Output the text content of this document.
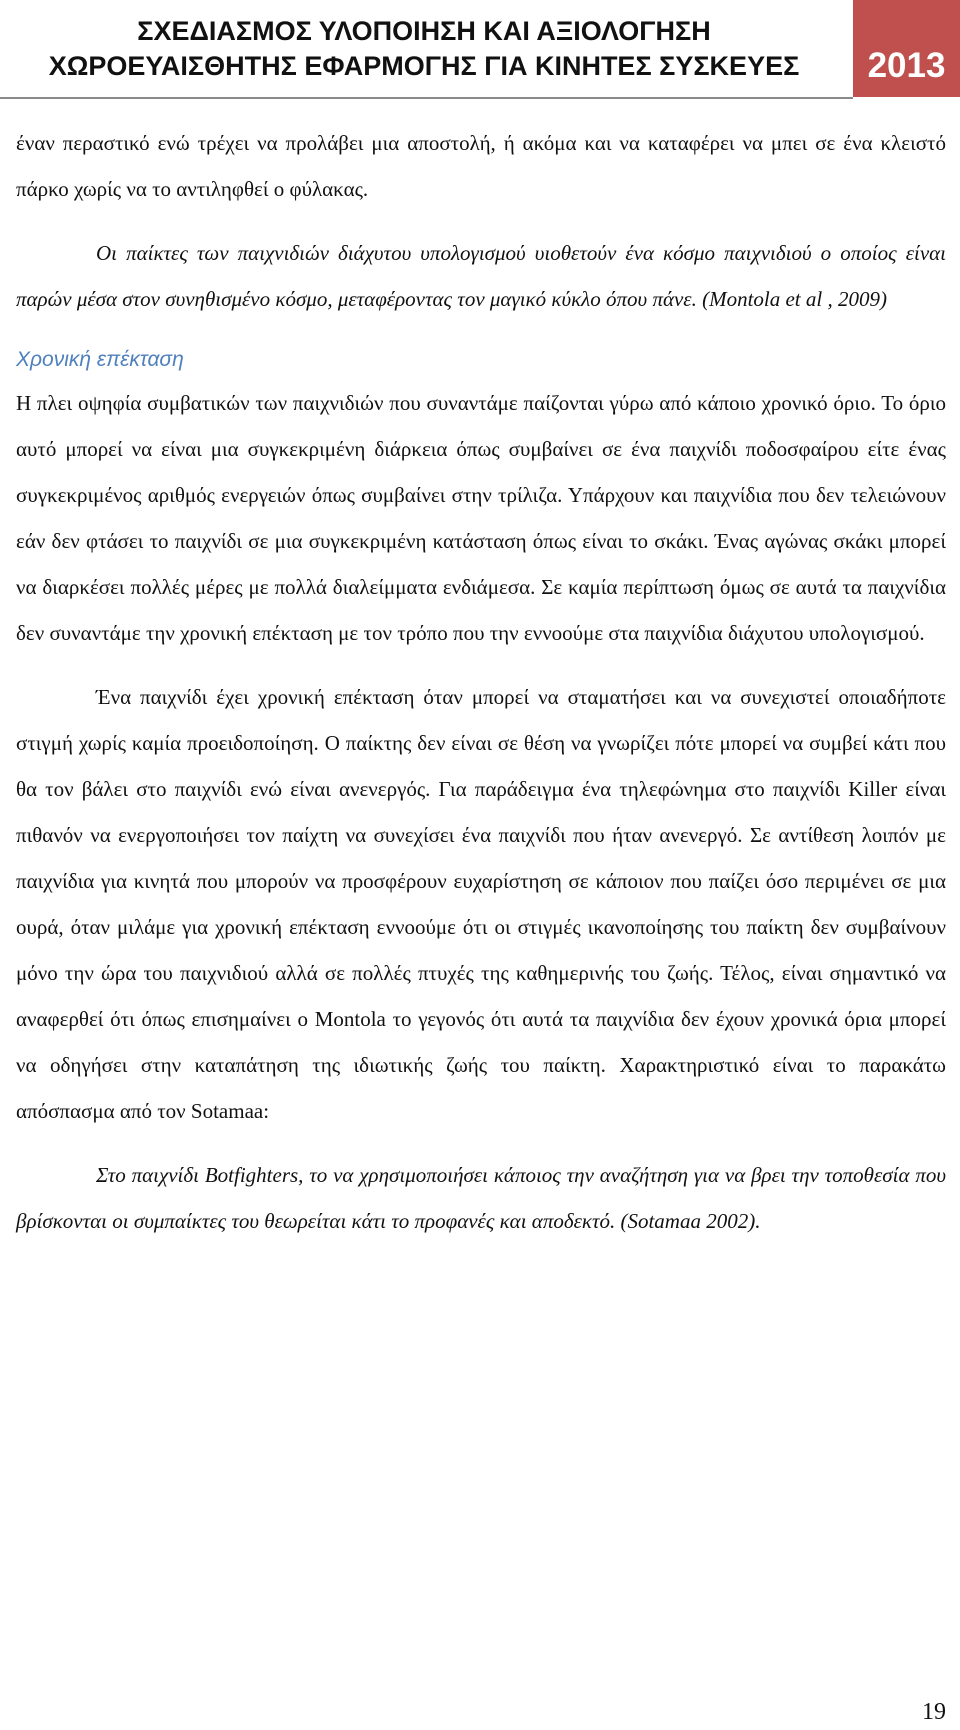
ΣΧΕΔΙΑΣΜΟΣ ΥΛΟΠΟΙΗΣΗ ΚΑΙ ΑΞΙΟΛΟΓΗΣΗ
ΧΩΡΟΕΥΑΙΣΘΗΤΗΣ ΕΦΑΡΜΟΓΗΣ ΓΙΑ ΚΙΝΗΤΕΣ ΣΥΣΚΕΥΕΣ	2013

έναν περαστικό ενώ τρέχει να προλάβει μια αποστολή, ή ακόμα και να καταφέρει να μπει σε ένα κλειστό πάρκο χωρίς να το αντιληφθεί ο φύλακας.

Οι παίκτες των παιχνιδιών διάχυτου υπολογισμού υιοθετούν ένα κόσμο παιχνιδιού ο οποίος είναι παρών μέσα στον συνηθισμένο κόσμο, μεταφέροντας τον μαγικό κύκλο όπου πάνε. (Montola et al , 2009)

Χρονική επέκταση

Η πλει οψηφία συμβατικών των παιχνιδιών που συναντάμε παίζονται γύρω από κάποιο χρονικό όριο. Το όριο αυτό μπορεί να είναι μια συγκεκριμένη διάρκεια όπως συμβαίνει σε ένα παιχνίδι ποδοσφαίρου είτε ένας συγκεκριμένος αριθμός ενεργειών όπως συμβαίνει στην τρίλιζα. Υπάρχουν και παιχνίδια που δεν τελειώνουν εάν δεν φτάσει το παιχνίδι σε μια συγκεκριμένη κατάσταση όπως είναι το σκάκι. Ένας αγώνας σκάκι μπορεί να διαρκέσει πολλές μέρες με πολλά διαλείμματα ενδιάμεσα. Σε καμία περίπτωση όμως σε αυτά τα παιχνίδια δεν συναντάμε την χρονική επέκταση με τον τρόπο που την εννοούμε στα παιχνίδια διάχυτου υπολογισμού.

Ένα παιχνίδι έχει χρονική επέκταση όταν μπορεί να σταματήσει και να συνεχιστεί οποιαδήποτε στιγμή χωρίς καμία προειδοποίηση. Ο παίκτης δεν είναι σε θέση να γνωρίζει πότε μπορεί να συμβεί κάτι που θα τον βάλει στο παιχνίδι ενώ είναι ανενεργός. Για παράδειγμα ένα τηλεφώνημα στο παιχνίδι Killer είναι πιθανόν να ενεργοποιήσει τον παίχτη να συνεχίσει ένα παιχνίδι που ήταν ανενεργό. Σε αντίθεση λοιπόν με παιχνίδια για κινητά που μπορούν να προσφέρουν ευχαρίστηση σε κάποιον που παίζει όσο περιμένει σε μια ουρά, όταν μιλάμε για χρονική επέκταση εννοούμε ότι οι στιγμές ικανοποίησης του παίκτη δεν συμβαίνουν μόνο την ώρα του παιχνιδιού αλλά σε πολλές πτυχές της καθημερινής του ζωής. Τέλος, είναι σημαντικό να αναφερθεί ότι όπως επισημαίνει ο Montola το γεγονός ότι αυτά τα παιχνίδια δεν έχουν χρονικά όρια μπορεί να οδηγήσει στην καταπάτηση της ιδιωτικής ζωής του παίκτη. Χαρακτηριστικό είναι το παρακάτω απόσπασμα από τον Sotamaa:

Στο παιχνίδι Botfighters, το να χρησιμοποιήσει κάποιος την αναζήτηση για να βρει την τοποθεσία που βρίσκονται οι συμπαίκτες του θεωρείται κάτι το προφανές και αποδεκτό. (Sotamaa 2002).

19
